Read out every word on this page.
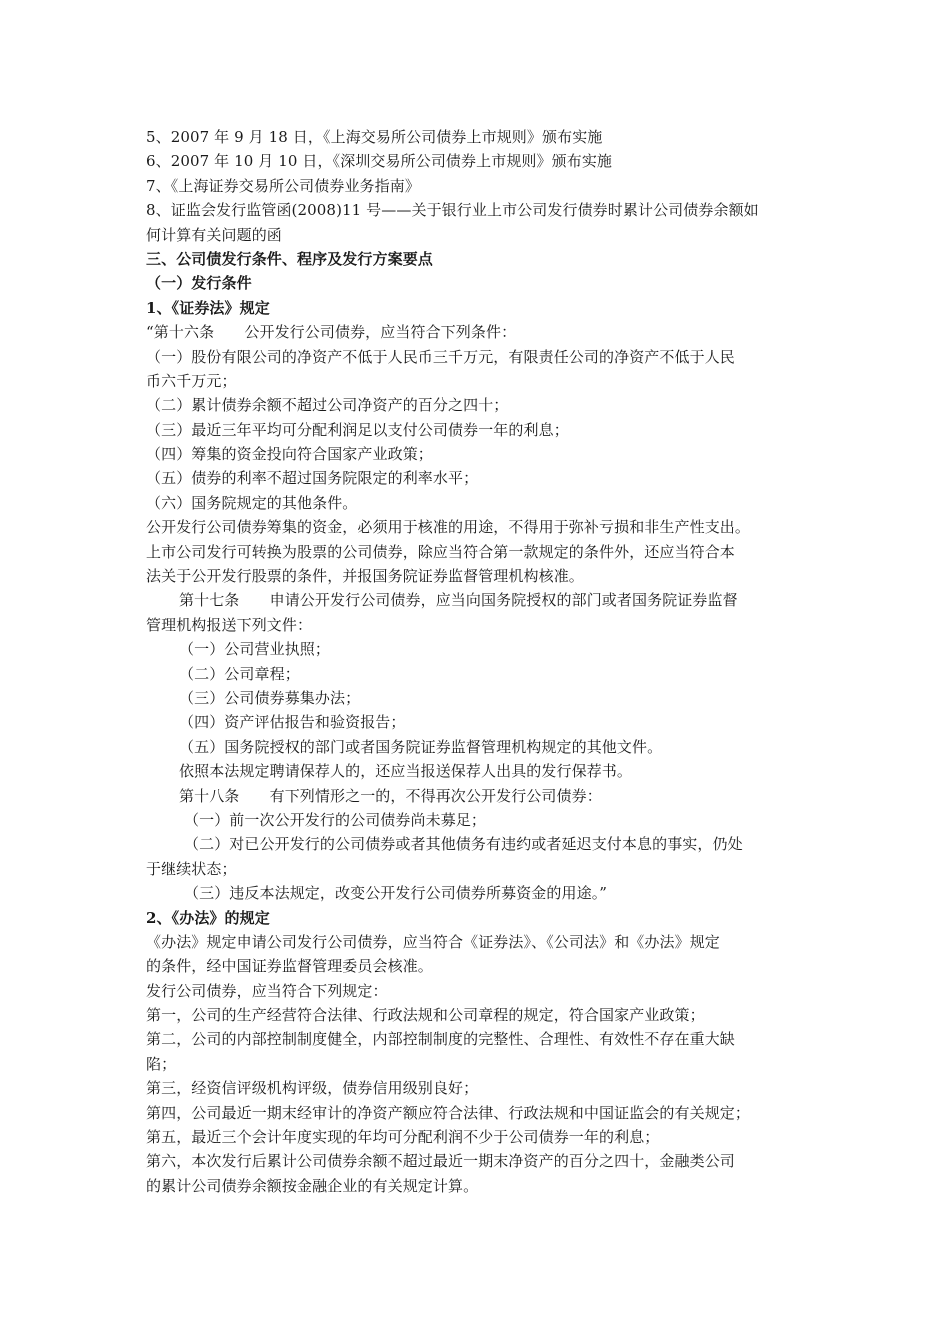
5、2007 年 9 月 18 日，《上海交易所公司债券上市规则》颁布实施
6、2007 年 10 月 10 日，《深圳交易所公司债券上市规则》颁布实施
7、《上海证券交易所公司债券业务指南》
8、证监会发行监管函(2008)11 号——关于银行业上市公司发行债券时累计公司债券余额如
何计算有关问题的函
三、公司债发行条件、程序及发行方案要点
（一）发行条件
1、《证券法》规定
“第十六条　　公开发行公司债券，应当符合下列条件：
（一）股份有限公司的净资产不低于人民币三千万元，有限责任公司的净资产不低于人民
币六千万元；
（二）累计债券余额不超过公司净资产的百分之四十；
（三）最近三年平均可分配利润足以支付公司债券一年的利息；
（四）筹集的资金投向符合国家产业政策；
（五）债券的利率不超过国务院限定的利率水平；
（六）国务院规定的其他条件。
公开发行公司债券筹集的资金，必须用于核准的用途，不得用于弥补亏损和非生产性支出。
上市公司发行可转换为股票的公司债券，除应当符合第一款规定的条件外，还应当符合本
法关于公开发行股票的条件，并报国务院证券监督管理机构核准。
第十七条　　申请公开发行公司债券，应当向国务院授权的部门或者国务院证券监督
管理机构报送下列文件：
（一）公司营业执照；
（二）公司章程；
（三）公司债券募集办法；
（四）资产评估报告和验资报告；
（五）国务院授权的部门或者国务院证券监督管理机构规定的其他文件。
依照本法规定聘请保荐人的，还应当报送保荐人出具的发行保荐书。
第十八条　　有下列情形之一的，不得再次公开发行公司债券：
（一）前一次公开发行的公司债券尚未募足；
（二）对已公开发行的公司债券或者其他债务有违约或者延迟支付本息的事实，仍处
于继续状态；
（三）违反本法规定，改变公开发行公司债券所募资金的用途。”
2、《办法》的规定
《办法》规定申请公司发行公司债券，应当符合《证券法》、《公司法》和《办法》规定
的条件，经中国证券监督管理委员会核准。
发行公司债券，应当符合下列规定：
第一，公司的生产经营符合法律、行政法规和公司章程的规定，符合国家产业政策；
第二，公司的内部控制制度健全，内部控制制度的完整性、合理性、有效性不存在重大缺
陷；
第三，经资信评级机构评级，债券信用级别良好；
第四，公司最近一期末经审计的净资产额应符合法律、行政法规和中国证监会的有关规定；
第五，最近三个会计年度实现的年均可分配利润不少于公司债券一年的利息；
第六，本次发行后累计公司债券余额不超过最近一期末净资产的百分之四十，金融类公司
的累计公司债券余额按金融企业的有关规定计算。
